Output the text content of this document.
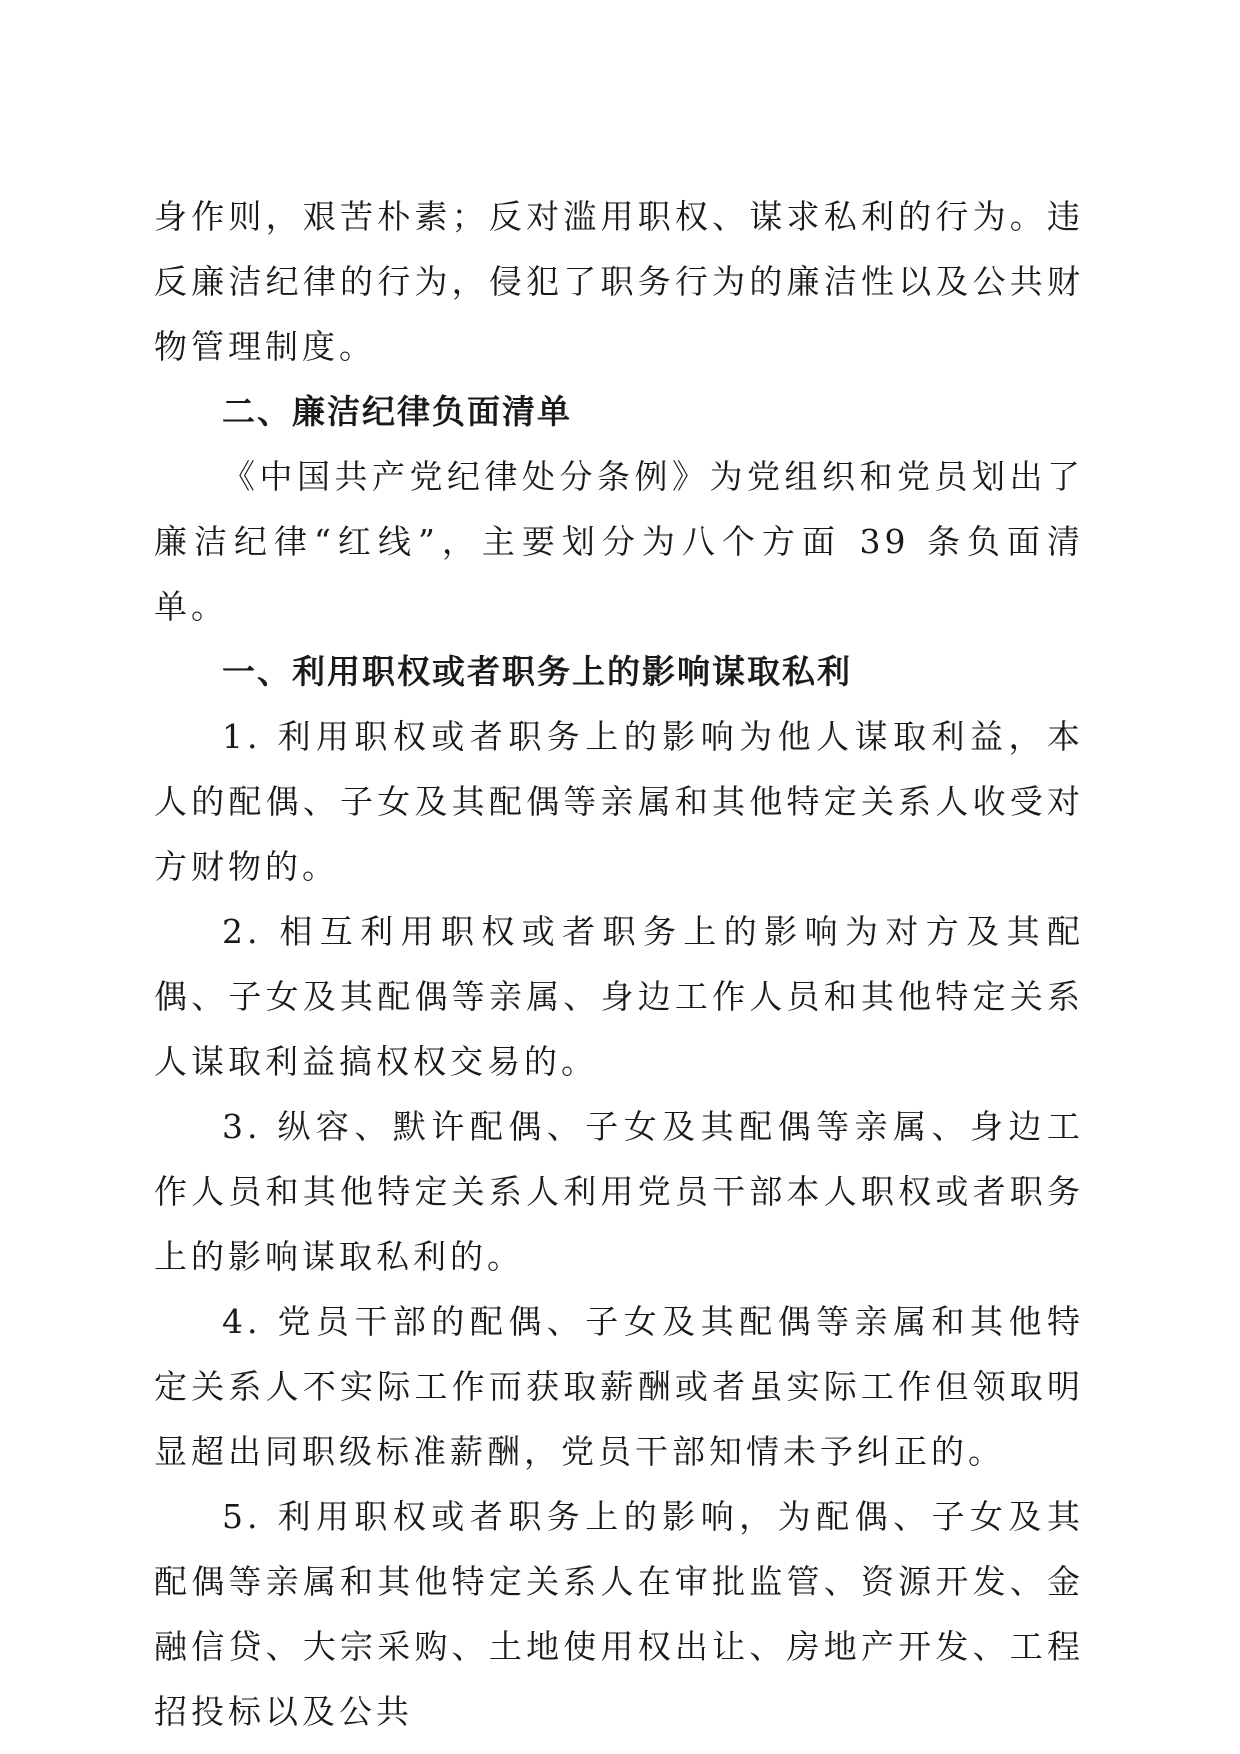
身作则，艰苦朴素；反对滥用职权、谋求私利的行为。违反廉洁纪律的行为，侵犯了职务行为的廉洁性以及公共财物管理制度。

二、廉洁纪律负面清单

《中国共产党纪律处分条例》为党组织和党员划出了廉洁纪律“红线”，主要划分为八个方面 39 条负面清单。

一、利用职权或者职务上的影响谋取私利

1. 利用职权或者职务上的影响为他人谋取利益，本人的配偶、子女及其配偶等亲属和其他特定关系人收受对方财物的。

2. 相互利用职权或者职务上的影响为对方及其配偶、子女及其配偶等亲属、身边工作人员和其他特定关系人谋取利益搞权权交易的。

3. 纵容、默许配偶、子女及其配偶等亲属、身边工作人员和其他特定关系人利用党员干部本人职权或者职务上的影响谋取私利的。

4. 党员干部的配偶、子女及其配偶等亲属和其他特定关系人不实际工作而获取薪酬或者虽实际工作但领取明显超出同职级标准薪酬，党员干部知情未予纠正的。

5. 利用职权或者职务上的影响，为配偶、子女及其配偶等亲属和其他特定关系人在审批监管、资源开发、金融信贷、大宗采购、土地使用权出让、房地产开发、工程招投标以及公共
